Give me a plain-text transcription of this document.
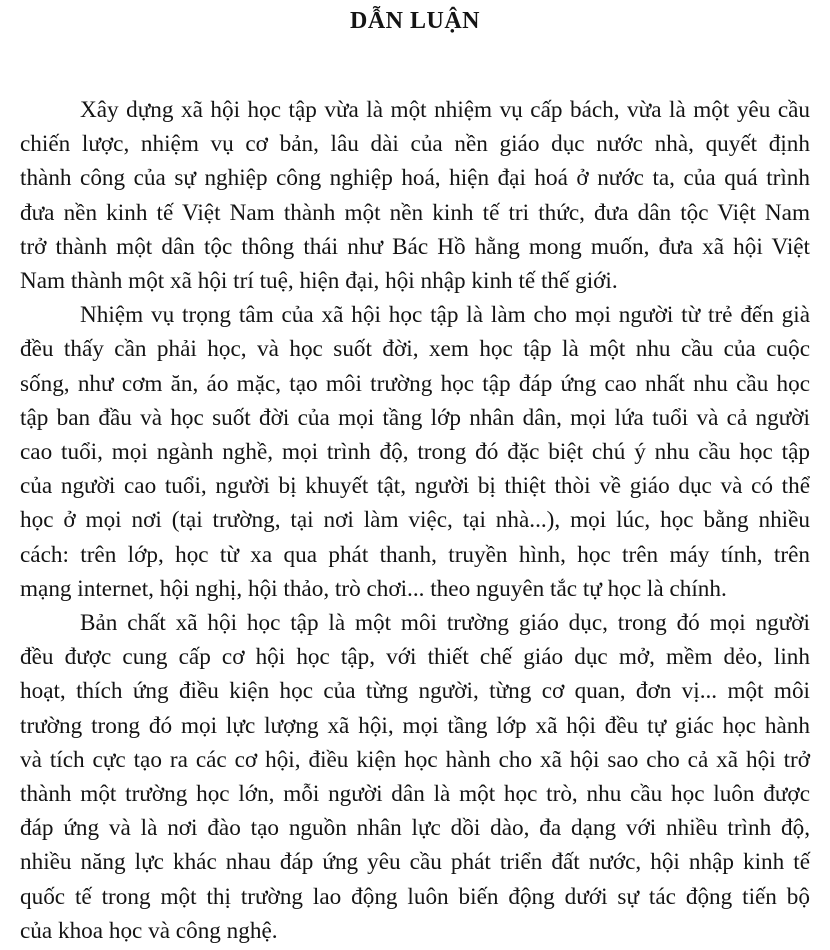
DẪN LUẬN

Xây dựng xã hội học tập vừa là một nhiệm vụ cấp bách, vừa là một yêu cầu
chiến lược, nhiệm vụ cơ bản, lâu dài của nền giáo dục nước nhà, quyết định
thành công của sự nghiệp công nghiệp hoá, hiện đại hoá ở nước ta, của quá trình
đưa nền kinh tế Việt Nam thành một nền kinh tế tri thức, đưa dân tộc Việt Nam
trở thành một dân tộc thông thái như Bác Hồ hằng mong muốn, đưa xã hội Việt
Nam thành một xã hội trí tuệ, hiện đại, hội nhập kinh tế thế giới.

Nhiệm vụ trọng tâm của xã hội học tập là làm cho mọi người từ trẻ đến già
đều thấy cần phải học, và học suốt đời, xem học tập là một nhu cầu của cuộc
sống, như cơm ăn, áo mặc, tạo môi trường học tập đáp ứng cao nhất nhu cầu học
tập ban đầu và học suốt đời của mọi tầng lớp nhân dân, mọi lứa tuổi và cả người
cao tuổi, mọi ngành nghề, mọi trình độ, trong đó đặc biệt chú ý nhu cầu học tập
của người cao tuổi, người bị khuyết tật, người bị thiệt thòi về giáo dục và có thể
học ở mọi nơi (tại trường, tại nơi làm việc, tại nhà...), mọi lúc, học bằng nhiều
cách: trên lớp, học từ xa qua phát thanh, truyền hình, học trên máy tính, trên
mạng internet, hội nghị, hội thảo, trò chơi... theo nguyên tắc tự học là chính.

Bản chất xã hội học tập là một môi trường giáo dục, trong đó mọi người
đều được cung cấp cơ hội học tập, với thiết chế giáo dục mở, mềm dẻo, linh
hoạt, thích ứng điều kiện học của từng người, từng cơ quan, đơn vị... một môi
trường trong đó mọi lực lượng xã hội, mọi tầng lớp xã hội đều tự giác học hành
và tích cực tạo ra các cơ hội, điều kiện học hành cho xã hội sao cho cả xã hội trở
thành một trường học lớn, mỗi người dân là một học trò, nhu cầu học luôn được
đáp ứng và là nơi đào tạo nguồn nhân lực dồi dào, đa dạng với nhiều trình độ,
nhiều năng lực khác nhau đáp ứng yêu cầu phát triển đất nước, hội nhập kinh tế
quốc tế trong một thị trường lao động luôn biến động dưới sự tác động tiến bộ
của khoa học và công nghệ.
